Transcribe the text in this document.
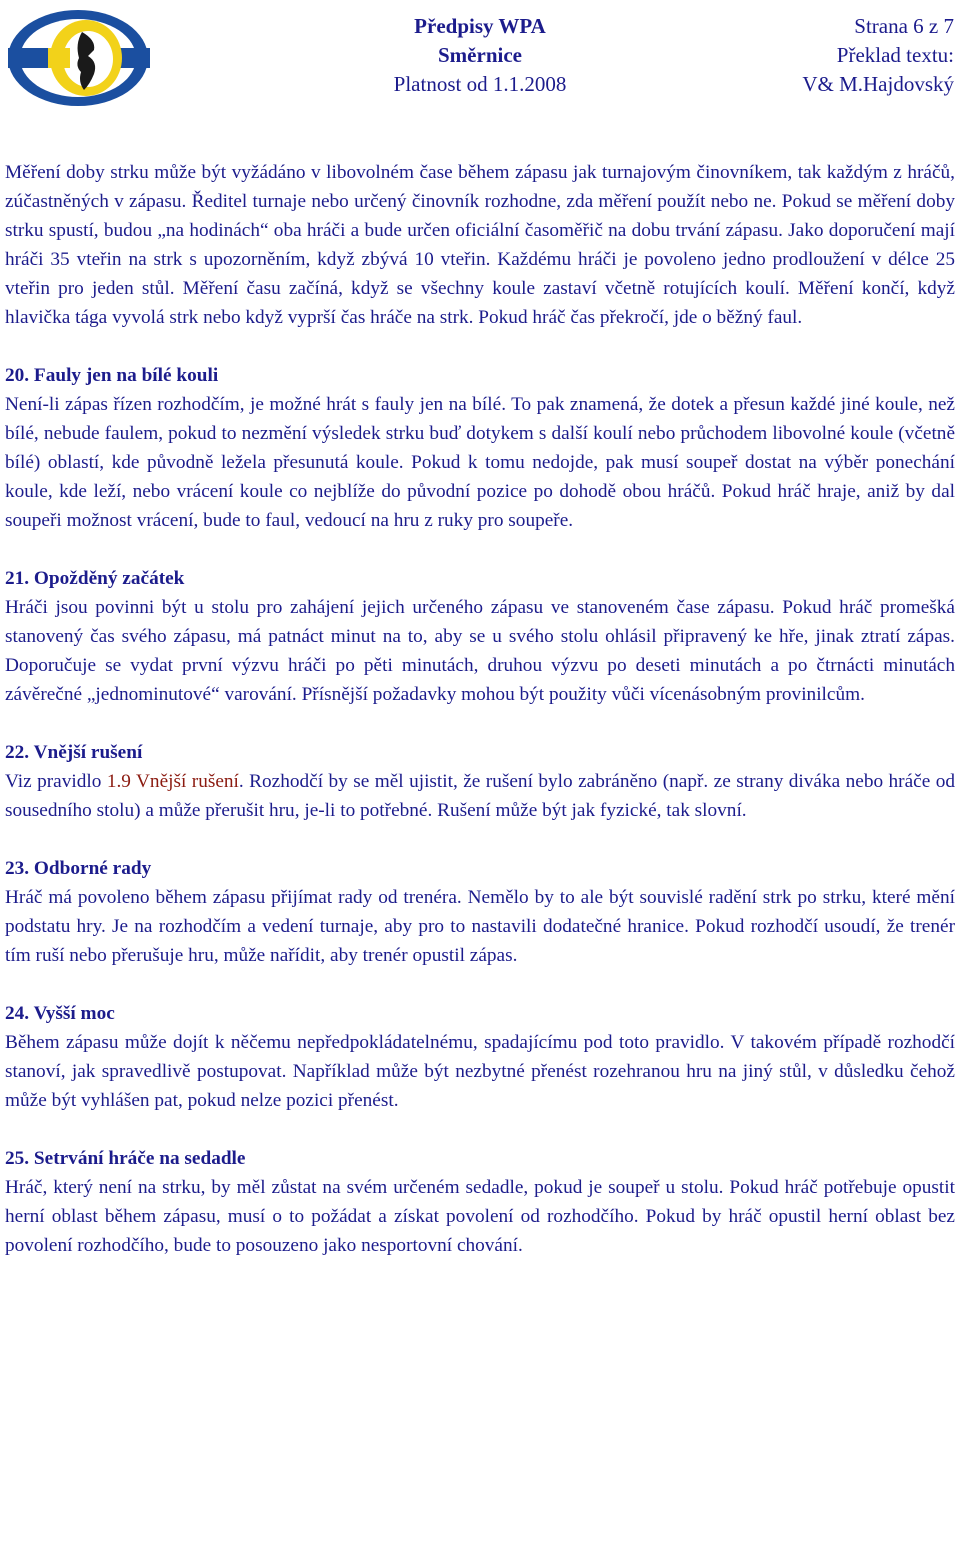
Předpisy WPA
Směrnice
Platnost od 1.1.2008
Strana 6 z 7
Překlad textu:
V& M.Hajdovský

Měření doby strku může být vyžádáno v libovolném čase během zápasu jak turnajovým činovníkem, tak každým z hráčů, zúčastněných v zápasu. Ředitel turnaje nebo určený činovník rozhodne, zda měření použít nebo ne. Pokud se měření doby strku spustí, budou „na hodinách“ oba hráči a bude určen oficiální časoměřič na dobu trvání zápasu. Jako doporučení mají hráči 35 vteřin na strk s upozorněním, když zbývá 10 vteřin. Každému hráči je povoleno jedno prodloužení v délce 25 vteřin pro jeden stůl. Měření času začíná, když se všechny koule zastaví včetně rotujících koulí. Měření končí, když hlavička tága vyvolá strk nebo když vyprší čas hráče na strk. Pokud hráč čas překročí, jde o běžný faul.

20. Fauly jen na bílé kouli

Není-li zápas řízen rozhodčím, je možné hrát s fauly jen na bílé. To pak znamená, že dotek a přesun každé jiné koule, než bílé, nebude faulem, pokud to nezmění výsledek strku buď dotykem s další koulí nebo průchodem libovolné koule (včetně bílé) oblastí, kde původně ležela přesunutá koule. Pokud k tomu nedojde, pak musí soupeř dostat na výběr ponechání koule, kde leží, nebo vrácení koule co nejblíže do původní pozice po dohodě obou hráčů. Pokud hráč hraje, aniž by dal soupeři možnost vrácení, bude to faul, vedoucí na hru z ruky pro soupeře.

21. Opožděný začátek

Hráči jsou povinni být u stolu pro zahájení jejich určeného zápasu ve stanoveném čase zápasu. Pokud hráč promešká stanovený čas svého zápasu, má patnáct minut na to, aby se u svého stolu ohlásil připravený ke hře, jinak ztratí zápas. Doporučuje se vydat první výzvu hráči po pěti minutách, druhou výzvu po deseti minutách a po čtrnácti minutách závěrečné „jednominutové“ varování. Přísnější požadavky mohou být použity vůči vícenásobným provinilcům.

22. Vnější rušení

Viz pravidlo 1.9 Vnější rušení. Rozhodčí by se měl ujistit, že rušení bylo zabráněno (např. ze strany diváka nebo hráče od sousedního stolu) a může přerušit hru, je-li to potřebné. Rušení může být jak fyzické, tak slovní.

23. Odborné rady

Hráč má povoleno během zápasu přijímat rady od trenéra. Nemělo by to ale být souvislé radění strk po strku, které mění podstatu hry. Je na rozhodčím a vedení turnaje, aby pro to nastavili dodatečné hranice. Pokud rozhodčí usoudí, že trenér tím ruší nebo přerušuje hru, může nařídit, aby trenér opustil zápas.

24. Vyšší moc

Během zápasu může dojít k něčemu nepředpokládatelnému, spadajícímu pod toto pravidlo. V takovém případě rozhodčí stanoví, jak spravedlivě postupovat. Například může být nezbytné přenést rozehranou hru na jiný stůl, v důsledku čehož může být vyhlášen pat, pokud nelze pozici přenést.

25. Setrvání hráče na sedadle

Hráč, který není na strku, by měl zůstat na svém určeném sedadle, pokud je soupeř u stolu. Pokud hráč potřebuje opustit herní oblast během zápasu, musí o to požádat a získat povolení od rozhodčího. Pokud by hráč opustil herní oblast bez povolení rozhodčího, bude to posouzeno jako nesportovní chování.
